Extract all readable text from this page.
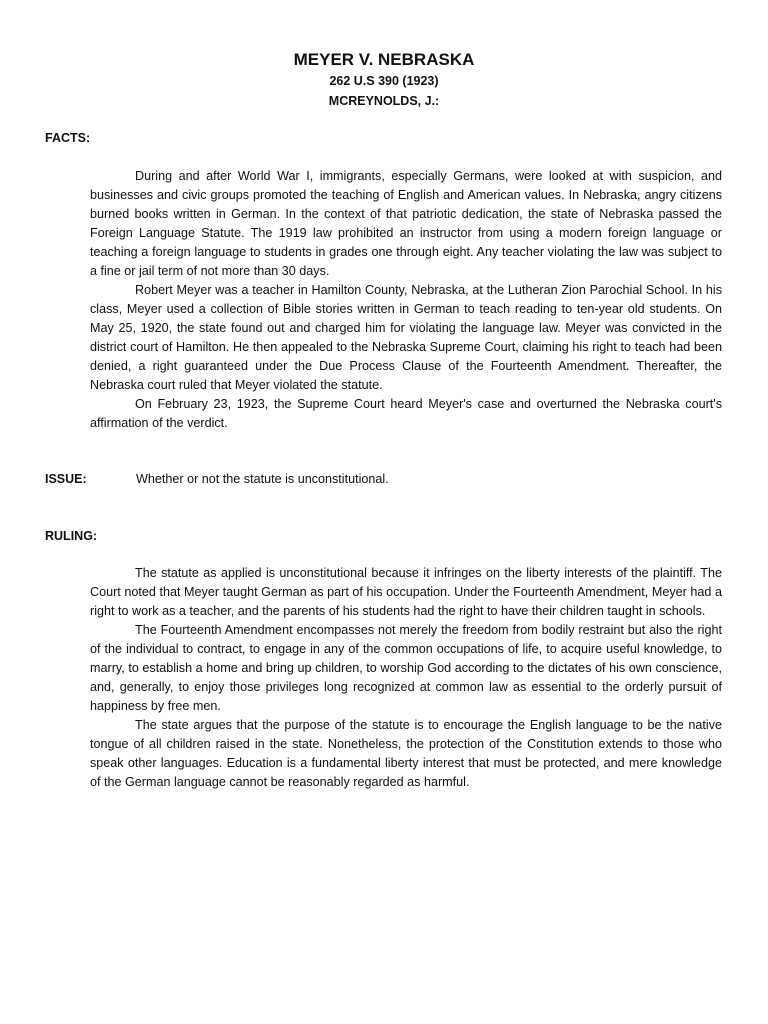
MEYER V. NEBRASKA
262 U.S 390 (1923)
MCREYNOLDS, J.:
FACTS:

During and after World War I, immigrants, especially Germans, were looked at with suspicion, and businesses and civic groups promoted the teaching of English and American values. In Nebraska, angry citizens burned books written in German. In the context of that patriotic dedication, the state of Nebraska passed the Foreign Language Statute. The 1919 law prohibited an instructor from using a modern foreign language or teaching a foreign language to students in grades one through eight. Any teacher violating the law was subject to a fine or jail term of not more than 30 days.

Robert Meyer was a teacher in Hamilton County, Nebraska, at the Lutheran Zion Parochial School. In his class, Meyer used a collection of Bible stories written in German to teach reading to ten-year old students. On May 25, 1920, the state found out and charged him for violating the language law. Meyer was convicted in the district court of Hamilton. He then appealed to the Nebraska Supreme Court, claiming his right to teach had been denied, a right guaranteed under the Due Process Clause of the Fourteenth Amendment. Thereafter, the Nebraska court ruled that Meyer violated the statute.

On February 23, 1923, the Supreme Court heard Meyer's case and overturned the Nebraska court's affirmation of the verdict.

ISSUE:	Whether or not the statute is unconstitutional.
RULING:

The statute as applied is unconstitutional because it infringes on the liberty interests of the plaintiff. The Court noted that Meyer taught German as part of his occupation. Under the Fourteenth Amendment, Meyer had a right to work as a teacher, and the parents of his students had the right to have their children taught in schools.

The Fourteenth Amendment encompasses not merely the freedom from bodily restraint but also the right of the individual to contract, to engage in any of the common occupations of life, to acquire useful knowledge, to marry, to establish a home and bring up children, to worship God according to the dictates of his own conscience, and, generally, to enjoy those privileges long recognized at common law as essential to the orderly pursuit of happiness by free men.

The state argues that the purpose of the statute is to encourage the English language to be the native tongue of all children raised in the state. Nonetheless, the protection of the Constitution extends to those who speak other languages. Education is a fundamental liberty interest that must be protected, and mere knowledge of the German language cannot be reasonably regarded as harmful.
